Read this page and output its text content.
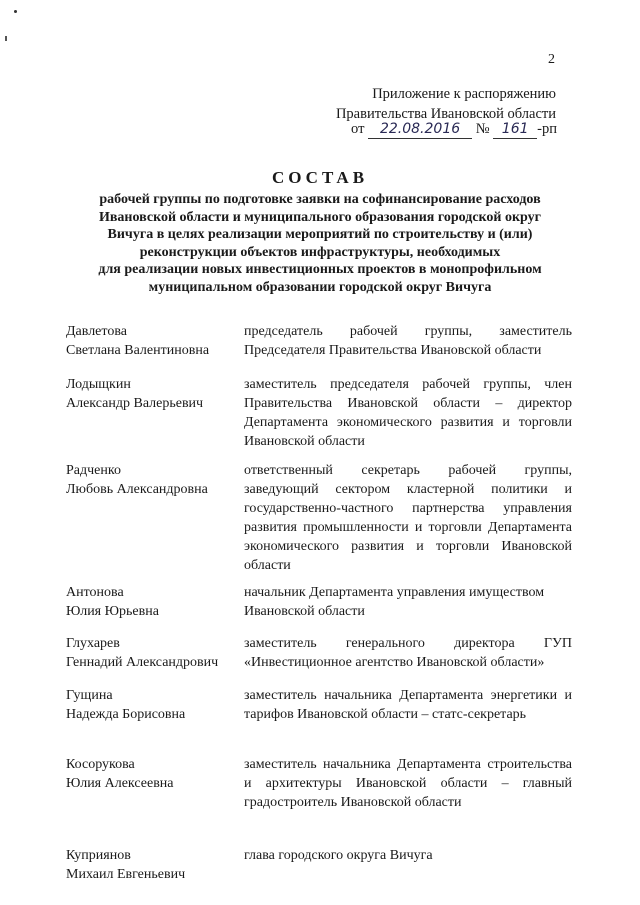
2
Приложение к распоряжению
Правительства Ивановской области
от 22.08.2016 № 161 -рп
СОСТАВ
рабочей группы по подготовке заявки на софинансирование расходов
Ивановской области и муниципального образования городской округ
Вичуга в целях реализации мероприятий по строительству и (или)
реконструкции объектов инфраструктуры, необходимых
для реализации новых инвестиционных проектов в монопрофильном
муниципальном образовании городской округ Вичуга
Давлетова
Светлана Валентиновна
председатель рабочей группы, заместитель Председателя Правительства Ивановской области
Лодыщкин
Александр Валерьевич
заместитель председателя рабочей группы, член Правительства Ивановской области – директор Департамента экономического развития и торговли Ивановской области
Радченко
Любовь Александровна
ответственный секретарь рабочей группы, заведующий сектором кластерной политики и государственно-частного партнерства управления развития промышленности и торговли Департамента экономического развития и торговли Ивановской области
Антонова
Юлия Юрьевна
начальник Департамента управления имуществом Ивановской области
Глухарев
Геннадий Александрович
заместитель генерального директора ГУП «Инвестиционное агентство Ивановской области»
Гущина
Надежда Борисовна
заместитель начальника Департамента энергетики и тарифов Ивановской области – статс-секретарь
Косорукова
Юлия Алексеевна
заместитель начальника Департамента строительства и архитектуры Ивановской области – главный градостроитель Ивановской области
Куприянов
Михаил Евгеньевич
глава городского округа Вичуга
